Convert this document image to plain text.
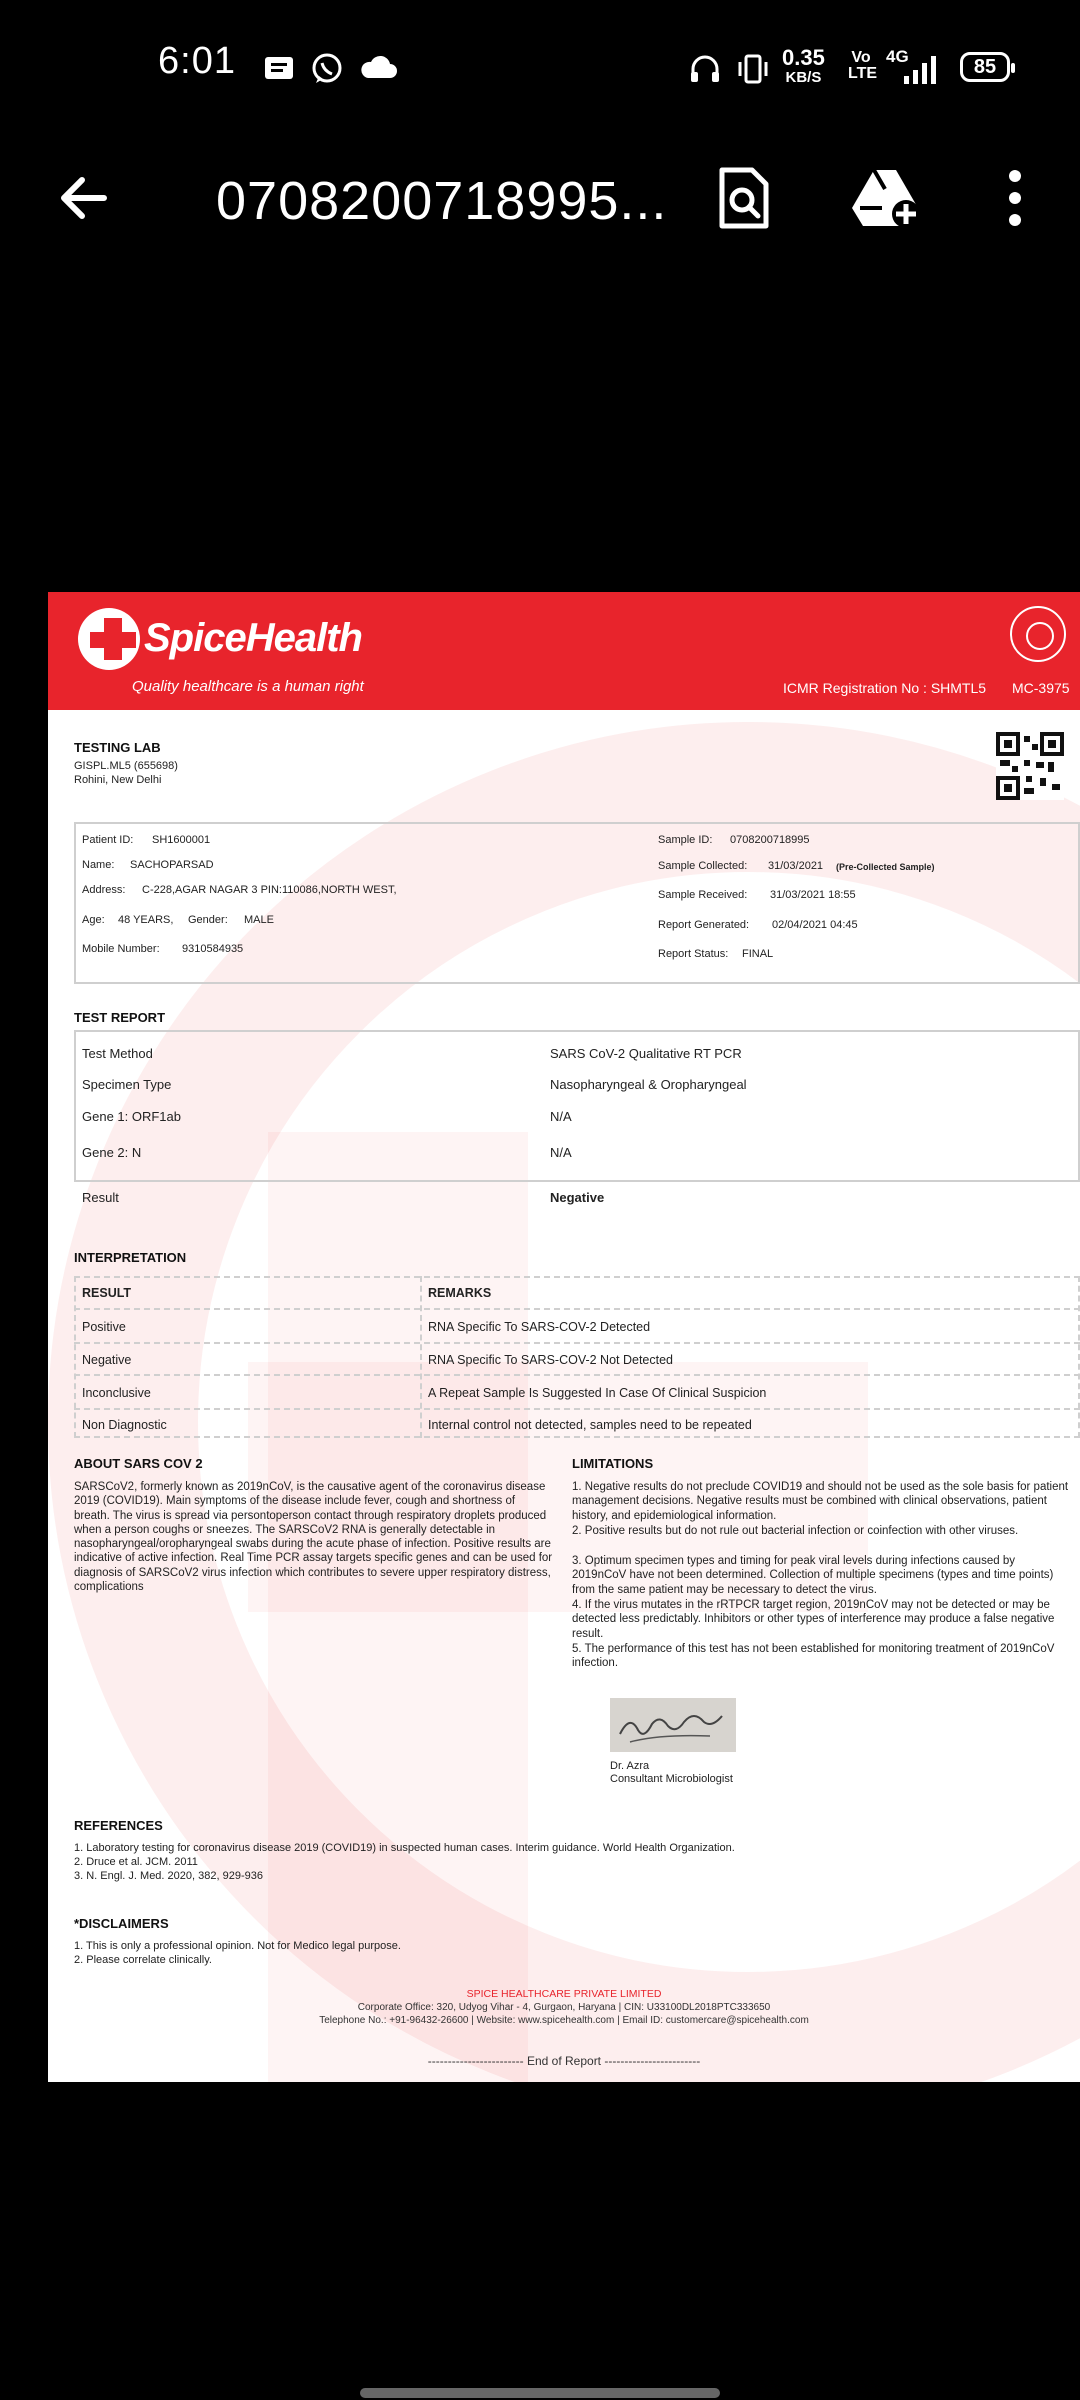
6:01	0.35
KB/S
Vo LTE
4G	85
0708200718995...
SpiceHealth
Quality healthcare is a human right	ICMR Registration No : SHMTL5 MC-3975
TESTING LAB
GISPL.ML5 (655698)
Rohini, New Delhi
Patient ID: SH1600001
Name: SACHOPARSAD
Address: C-228,AGAR NAGAR 3 PIN:110086,NORTH WEST,
Age: 48 YEARS, Gender: MALE
Mobile Number: 9310584935
Sample ID: 0708200718995
Sample Collected: 31/03/2021 (Pre-Collected Sample)
Sample Received: 31/03/2021 18:55
Report Generated: 02/04/2021 04:45
Report Status: FINAL
TEST REPORT
Test Method	SARS CoV-2 Qualitative RT PCR
Specimen Type	Nasopharyngeal & Oropharyngeal
Gene 1: ORF1ab	N/A
Gene 2: N	N/A
Result	Negative
INTERPRETATION
RESULT	REMARKS
Positive	RNA Specific To SARS-COV-2 Detected
Negative	RNA Specific To SARS-COV-2 Not Detected
Inconclusive	A Repeat Sample Is Suggested In Case Of Clinical Suspicion
Non Diagnostic	Internal control not detected, samples need to be repeated
ABOUT SARS COV 2
SARSCoV2, formerly known as 2019nCoV, is the causative agent of the coronavirus disease 2019 (COVID19). Main symptoms of the disease include fever, cough and shortness of breath. The virus is spread via persontoperson contact through respiratory droplets produced when a person coughs or sneezes. The SARSCoV2 RNA is generally detectable in nasopharyngeal/oropharyngeal swabs during the acute phase of infection. Positive results are indicative of active infection. Real Time PCR assay targets specific genes and can be used for diagnosis of SARSCoV2 virus infection which contributes to severe upper respiratory distress, complications
LIMITATIONS
1. Negative results do not preclude COVID19 and should not be used as the sole basis for patient management decisions. Negative results must be combined with clinical observations, patient history, and epidemiological information.
2. Positive results but do not rule out bacterial infection or coinfection with other viruses.
3. Optimum specimen types and timing for peak viral levels during infections caused by 2019nCoV have not been determined. Collection of multiple specimens (types and time points) from the same patient may be necessary to detect the virus.
4. If the virus mutates in the rRTPCR target region, 2019nCoV may not be detected or may be detected less predictably. Inhibitors or other types of interference may produce a false negative result.
5. The performance of this test has not been established for monitoring treatment of 2019nCoV infection.
Dr. Azra
Consultant Microbiologist
REFERENCES
1. Laboratory testing for coronavirus disease 2019 (COVID19) in suspected human cases. Interim guidance. World Health Organization.
2. Druce et al. JCM. 2011
3. N. Engl. J. Med. 2020, 382, 929-936
*DISCLAIMERS
1. This is only a professional opinion. Not for Medico legal purpose.
2. Please correlate clinically.
SPICE HEALTHCARE PRIVATE LIMITED
Corporate Office: 320, Udyog Vihar - 4, Gurgaon, Haryana | CIN: U33100DL2018PTC333650
Telephone No.: +91-96432-26600 | Website: www.spicehealth.com | Email ID: customercare@spicehealth.com
------------------------ End of Report ------------------------
